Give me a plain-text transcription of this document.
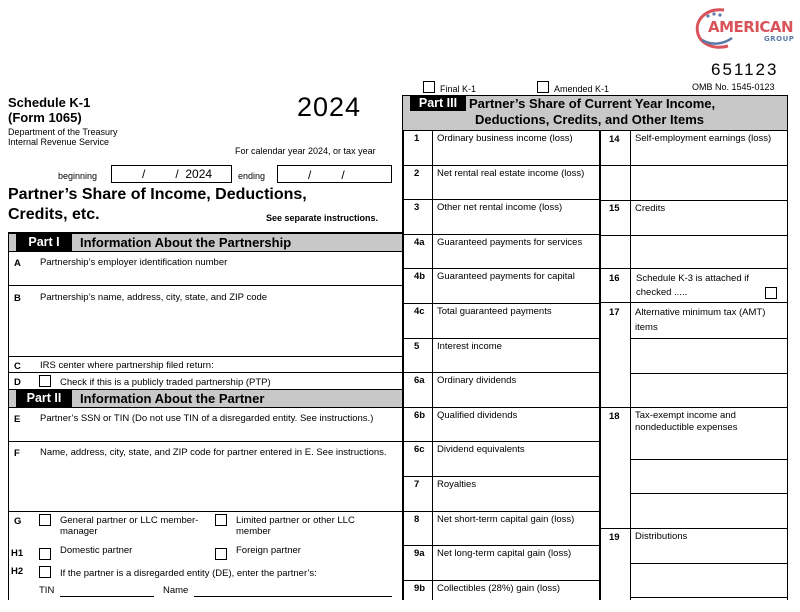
AMERICAN
GROUP
651123
OMB No. 1545-0123
Final K-1	Amended K-1
Schedule K-1
(Form 1065)
Department of the Treasury
Internal Revenue Service
2024
For calendar year 2024, or tax year
beginning	/         /  2024	ending	/         /
Partner’s Share of Income, Deductions,
Credits, etc.	See separate instructions.
Part I	Information About the Partnership
A Partnership’s employer identification number
B Partnership’s name, address, city, state, and ZIP code
C IRS center where partnership filed return:
D	Check if this is a publicly traded partnership (PTP)
Part II	Information About the Partner
E Partner’s SSN or TIN (Do not use TIN of a disregarded entity. See instructions.)
F Name, address, city, state, and ZIP code for partner entered in E. See instructions.
G	General partner or LLC member-manager
Limited partner or other LLC member
H1	Domestic partner	Foreign partner
H2	If the partner is a disregarded entity (DE), enter the partner’s:
TIN	Name
Part III Partner’s Share of Current Year Income,
Deductions, Credits, and Other Items
1 Ordinary business income (loss)
2 Net rental real estate income (loss)
3 Other net rental income (loss)
4a Guaranteed payments for services
4b Guaranteed payments for capital
4c Total guaranteed payments
5 Interest income
6a Ordinary dividends
6b Qualified dividends
6c Dividend equivalents
7 Royalties
8 Net short-term capital gain (loss)
9a Net long-term capital gain (loss)
9b Collectibles (28%) gain (loss)
14 Self-employment earnings (loss)
15 Credits
16 Schedule K-3 is attached if checked .....
17 Alternative minimum tax (AMT) items
18 Tax-exempt income and nondeductible expenses
19 Distributions
